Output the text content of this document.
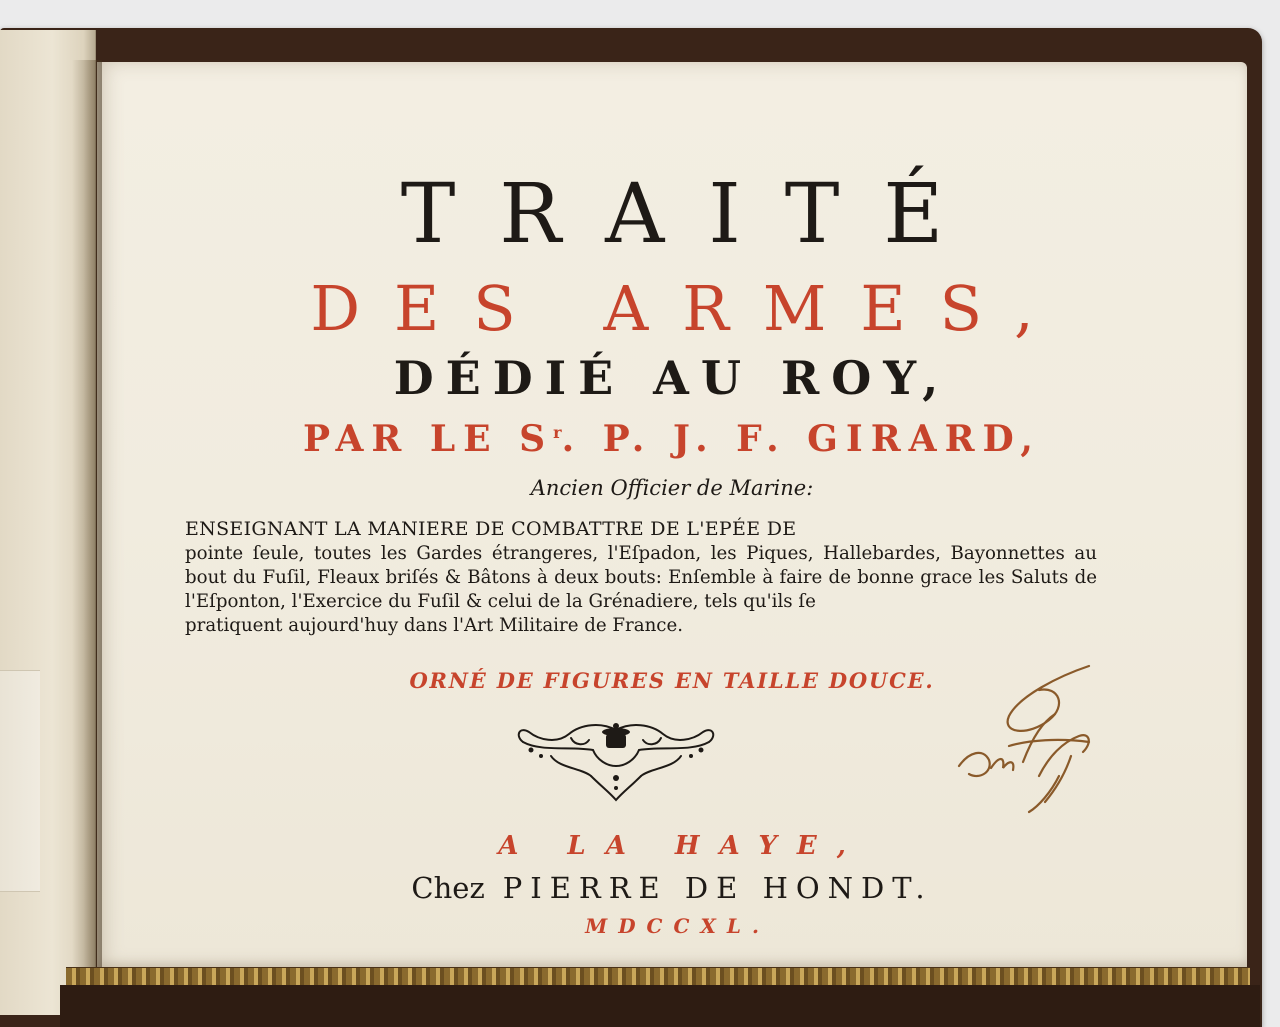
TRAITÉ

DES ARMES,

DÉDIÉ AU ROY,

PAR LE $S^r$. P. J. F. GIRARD,

Ancien Officier de Marine:

ENSEIGNANT LA MANIERE DE COMBATTRE DE L'EPÉE DE
pointe ſeule, toutes les Gardes étrangeres, l'Eſpadon, les Piques, Hallebardes, Bayonnettes au bout du Fuſil, Fleaux briſés & Bâtons à deux bouts: Enſemble à faire de bonne grace les Saluts de l'Eſponton, l'Exercice du Fuſil & celui de la Grénadiere, tels qu'ils ſe
pratiquent aujourd'huy dans l'Art Militaire de France.

ORNÉ DE FIGURES EN TAILLE DOUCE.

A LA HAYE,

Chez PIERRE DE HONDT.

MDCCXL.
